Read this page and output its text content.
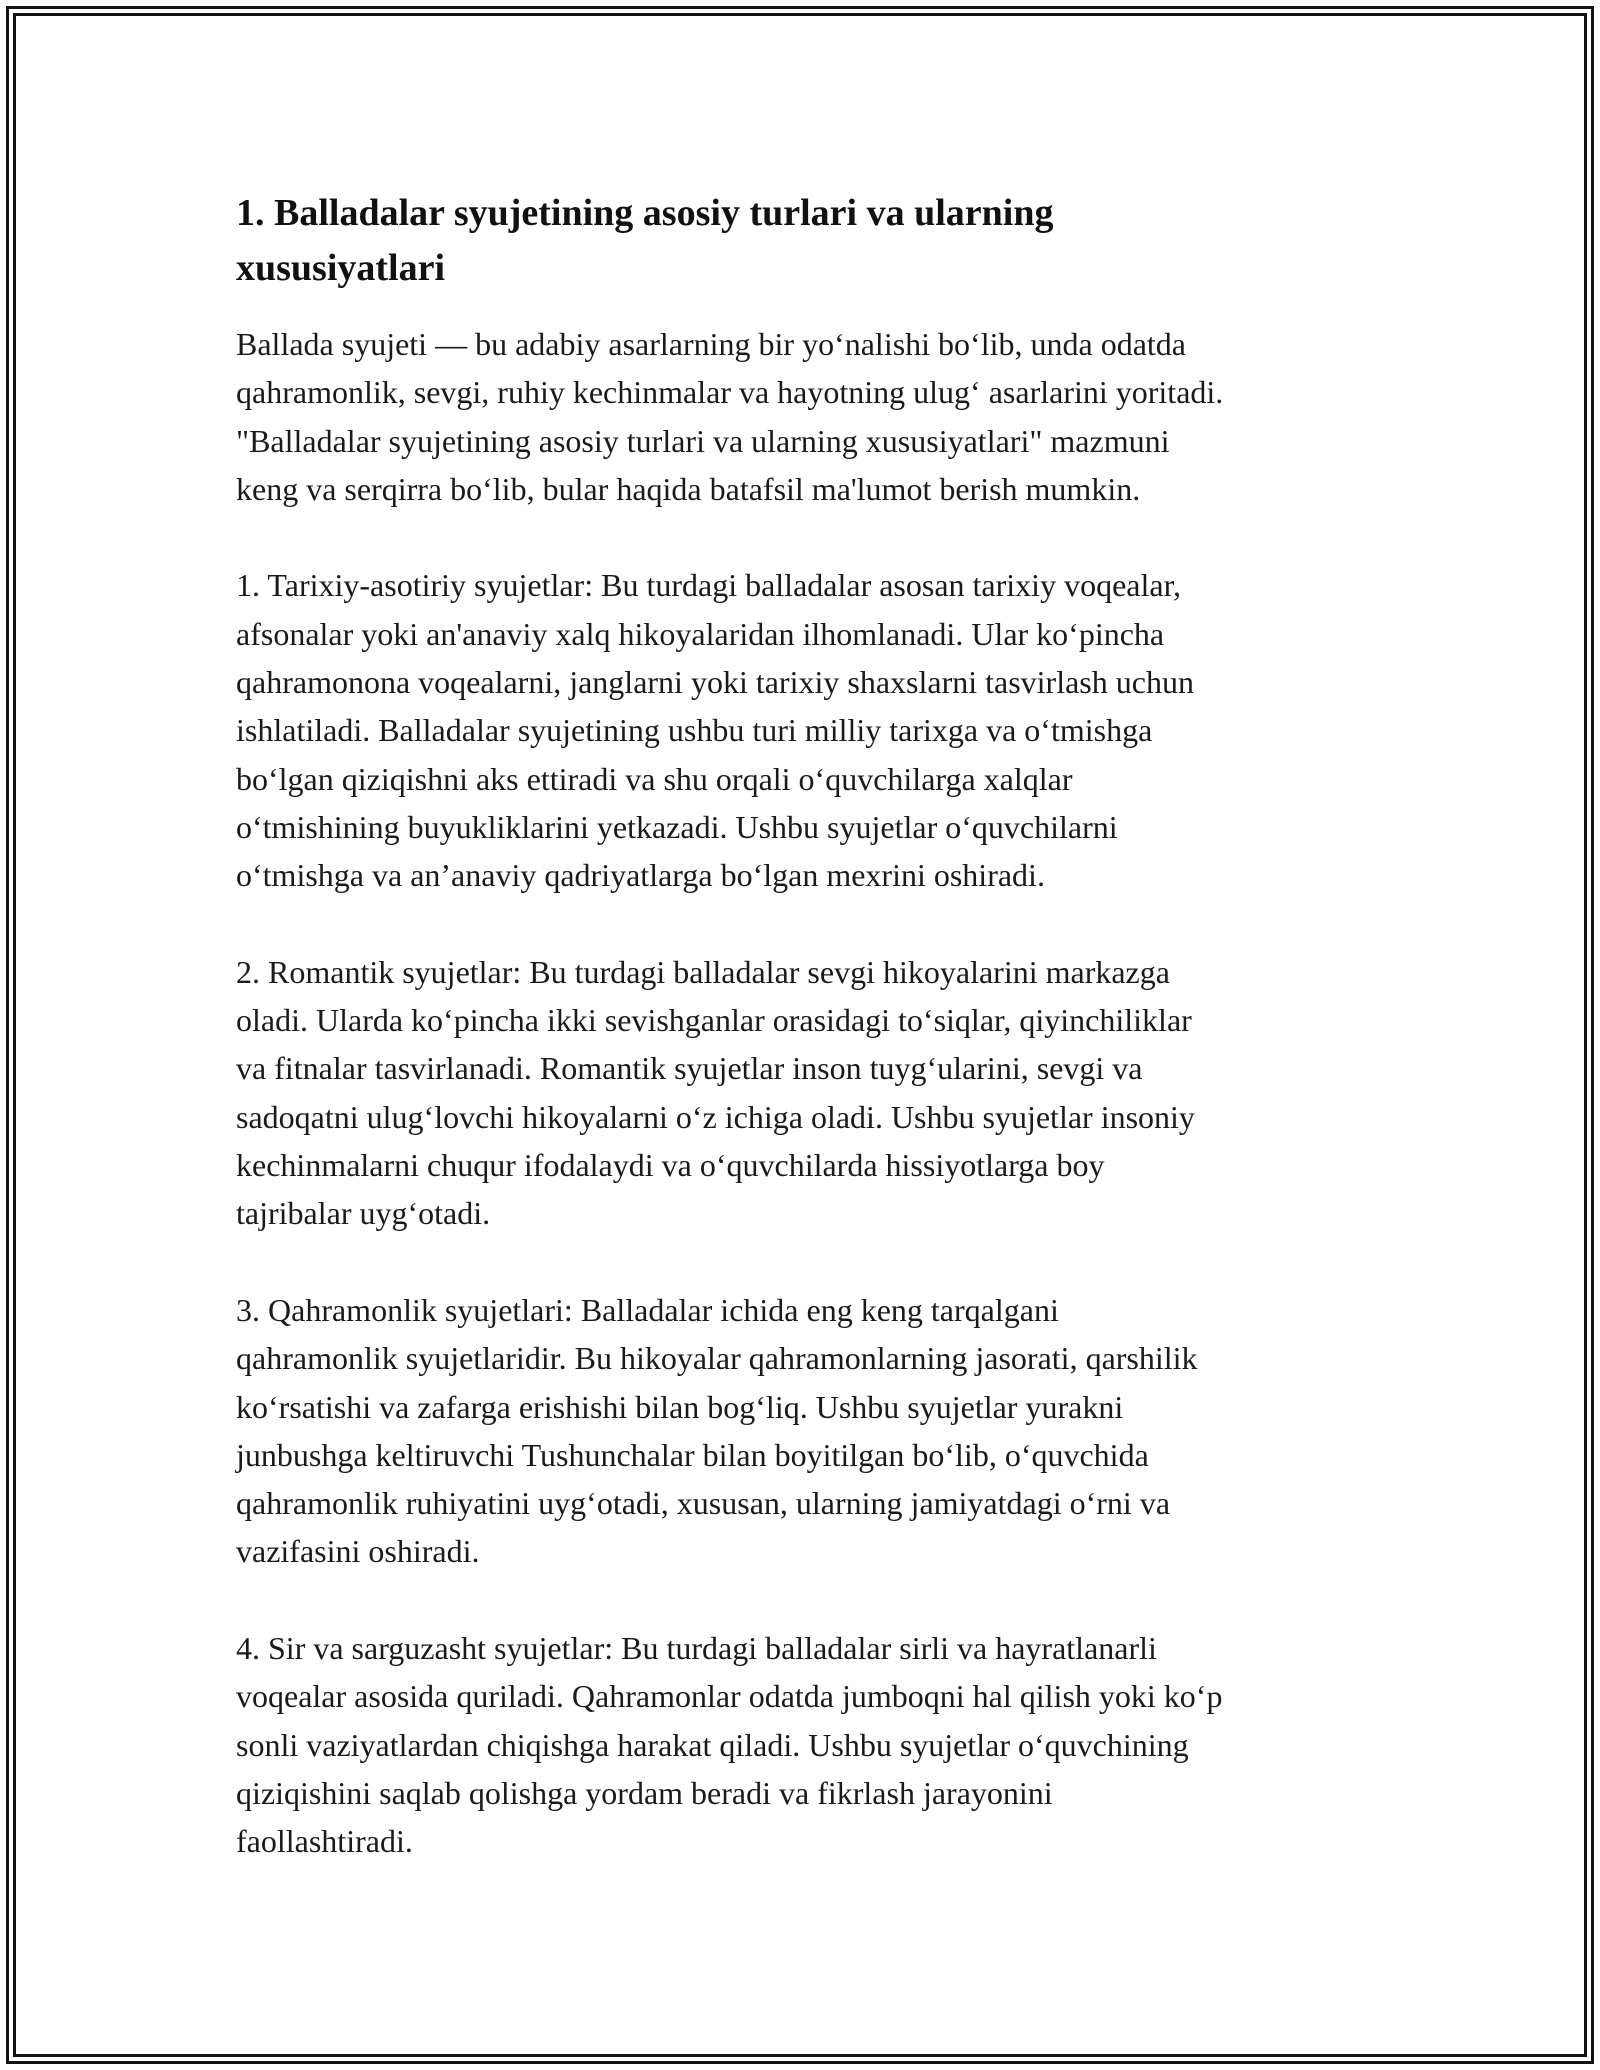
1. Balladalar syujetining asosiy turlari va ularning
xususiyatlari

Ballada syujeti — bu adabiy asarlarning bir yo‘nalishi bo‘lib, unda odatda
qahramonlik, sevgi, ruhiy kechinmalar va hayotning ulug‘ asarlarini yoritadi.
"Balladalar syujetining asosiy turlari va ularning xususiyatlari" mazmuni
keng va serqirra bo‘lib, bular haqida batafsil ma'lumot berish mumkin.

1. Tarixiy-asotiriy syujetlar: Bu turdagi balladalar asosan tarixiy voqealar,
afsonalar yoki an'anaviy xalq hikoyalaridan ilhomlanadi. Ular ko‘pincha
qahramonona voqealarni, janglarni yoki tarixiy shaxslarni tasvirlash uchun
ishlatiladi. Balladalar syujetining ushbu turi milliy tarixga va o‘tmishga
bo‘lgan qiziqishni aks ettiradi va shu orqali o‘quvchilarga xalqlar
o‘tmishining buyukliklarini yetkazadi. Ushbu syujetlar o‘quvchilarni
o‘tmishga va an’anaviy qadriyatlarga bo‘lgan mexrini oshiradi.

2. Romantik syujetlar: Bu turdagi balladalar sevgi hikoyalarini markazga
oladi. Ularda ko‘pincha ikki sevishganlar orasidagi to‘siqlar, qiyinchiliklar
va fitnalar tasvirlanadi. Romantik syujetlar inson tuyg‘ularini, sevgi va
sadoqatni ulug‘lovchi hikoyalarni o‘z ichiga oladi. Ushbu syujetlar insoniy
kechinmalarni chuqur ifodalaydi va o‘quvchilarda hissiyotlarga boy
tajribalar uyg‘otadi.

3. Qahramonlik syujetlari: Balladalar ichida eng keng tarqalgani
qahramonlik syujetlaridir. Bu hikoyalar qahramonlarning jasorati, qarshilik
ko‘rsatishi va zafarga erishishi bilan bog‘liq. Ushbu syujetlar yurakni
junbushga keltiruvchi Tushunchalar bilan boyitilgan bo‘lib, o‘quvchida
qahramonlik ruhiyatini uyg‘otadi, xususan, ularning jamiyatdagi o‘rni va
vazifasini oshiradi.

4. Sir va sarguzasht syujetlar: Bu turdagi balladalar sirli va hayratlanarli
voqealar asosida quriladi. Qahramonlar odatda jumboqni hal qilish yoki ko‘p
sonli vaziyatlardan chiqishga harakat qiladi. Ushbu syujetlar o‘quvchining
qiziqishini saqlab qolishga yordam beradi va fikrlash jarayonini
faollashtiradi.
